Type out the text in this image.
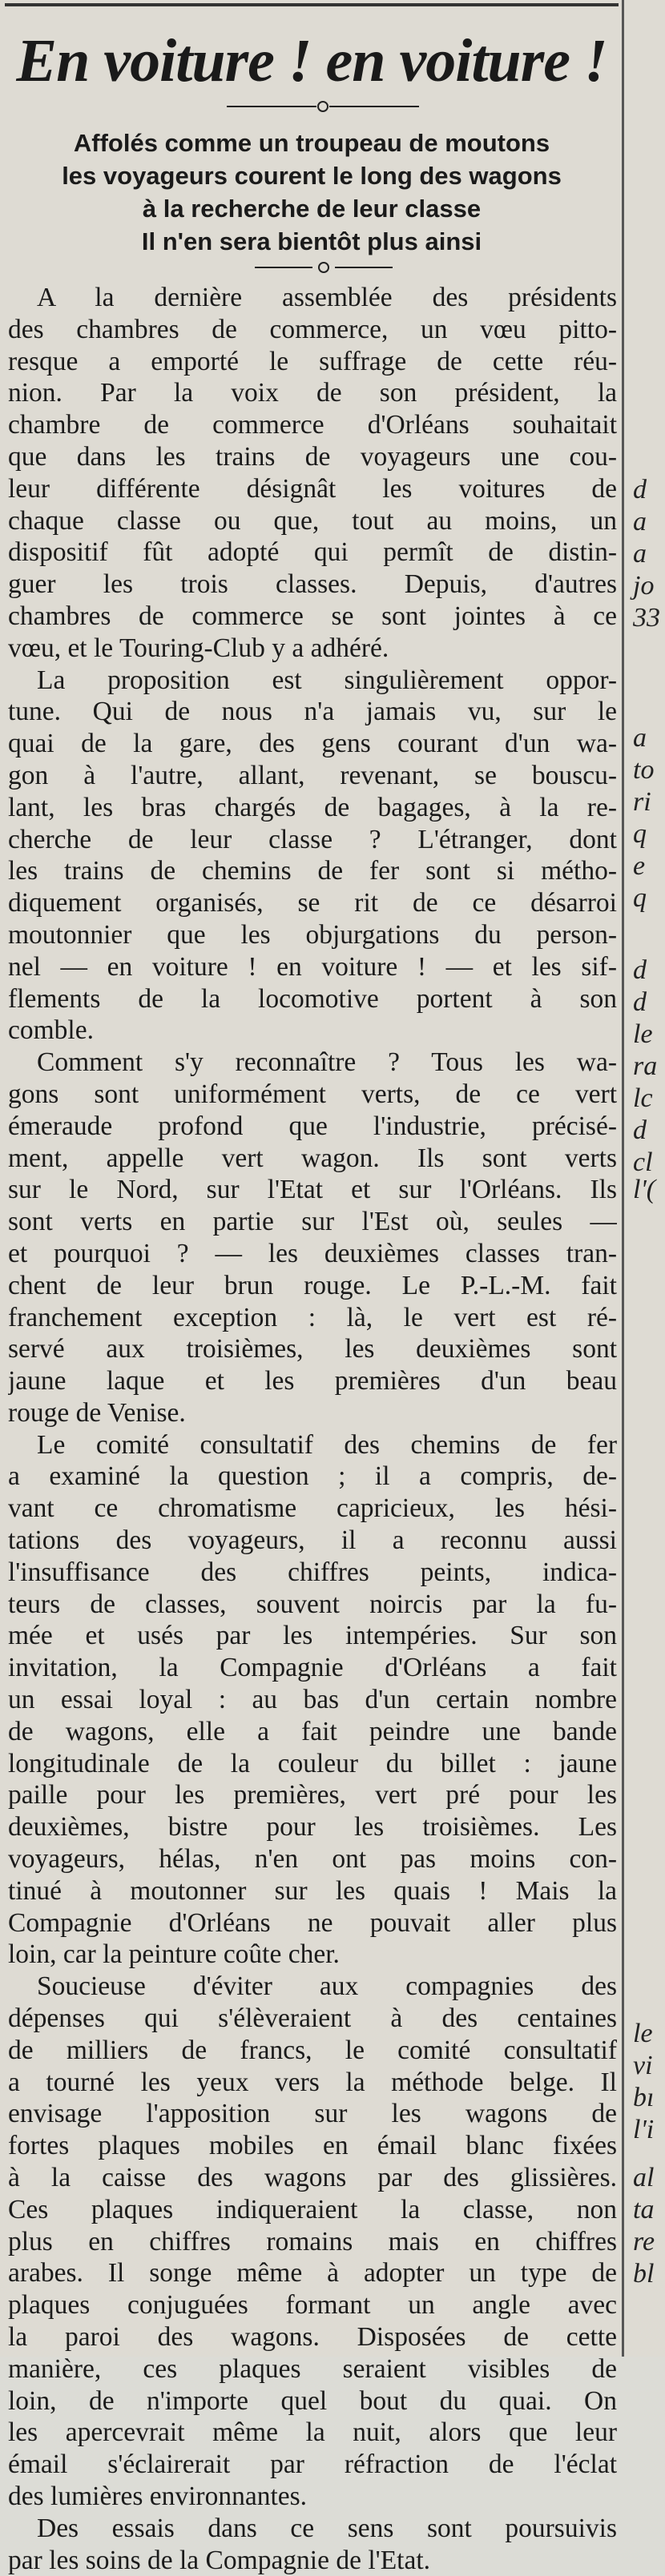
En voiture ! en voiture !
Affolés comme un troupeau de moutons
les voyageurs courent le long des wagons
à la recherche de leur classe
Il n'en sera bientôt plus ainsi
A la dernière assemblée des présidents
des chambres de commerce, un vœu pitto-
resque a emporté le suffrage de cette réu-
nion. Par la voix de son président, la
chambre de commerce d'Orléans souhaitait
que dans les trains de voyageurs une cou-
leur différente désignât les voitures de
chaque classe ou que, tout au moins, un
dispositif fût adopté qui permît de distin-
guer les trois classes. Depuis, d'autres
chambres de commerce se sont jointes à ce
vœu, et le Touring-Club y a adhéré.
La proposition est singulièrement oppor-
tune. Qui de nous n'a jamais vu, sur le
quai de la gare, des gens courant d'un wa-
gon à l'autre, allant, revenant, se bouscu-
lant, les bras chargés de bagages, à la re-
cherche de leur classe ? L'étranger, dont
les trains de chemins de fer sont si métho-
diquement organisés, se rit de ce désarroi
moutonnier que les objurgations du person-
nel — en voiture ! en voiture ! — et les sif-
flements de la locomotive portent à son
comble.
Comment s'y reconnaître ? Tous les wa-
gons sont uniformément verts, de ce vert
émeraude profond que l'industrie, précisé-
ment, appelle vert wagon. Ils sont verts
sur le Nord, sur l'Etat et sur l'Orléans. Ils
sont verts en partie sur l'Est où, seules —
et pourquoi ? — les deuxièmes classes tran-
chent de leur brun rouge. Le P.-L.-M. fait
franchement exception : là, le vert est ré-
servé aux troisièmes, les deuxièmes sont
jaune laque et les premières d'un beau
rouge de Venise.
Le comité consultatif des chemins de fer
a examiné la question ; il a compris, de-
vant ce chromatisme capricieux, les hési-
tations des voyageurs, il a reconnu aussi
l'insuffisance des chiffres peints, indica-
teurs de classes, souvent noircis par la fu-
mée et usés par les intempéries. Sur son
invitation, la Compagnie d'Orléans a fait
un essai loyal : au bas d'un certain nombre
de wagons, elle a fait peindre une bande
longitudinale de la couleur du billet : jaune
paille pour les premières, vert pré pour les
deuxièmes, bistre pour les troisièmes. Les
voyageurs, hélas, n'en ont pas moins con-
tinué à moutonner sur les quais ! Mais la
Compagnie d'Orléans ne pouvait aller plus
loin, car la peinture coûte cher.
Soucieuse d'éviter aux compagnies des
dépenses qui s'élèveraient à des centaines
de milliers de francs, le comité consultatif
a tourné les yeux vers la méthode belge. Il
envisage l'apposition sur les wagons de
fortes plaques mobiles en émail blanc fixées
à la caisse des wagons par des glissières.
Ces plaques indiqueraient la classe, non
plus en chiffres romains mais en chiffres
arabes. Il songe même à adopter un type de
plaques conjuguées formant un angle avec
la paroi des wagons. Disposées de cette
manière, ces plaques seraient visibles de
loin, de n'importe quel bout du quai. On
les apercevrait même la nuit, alors que leur
émail s'éclairerait par réfraction de l'éclat
des lumières environnantes.
Des essais dans ce sens sont poursuivis
par les soins de la Compagnie de l'Etat.
d
a
a
jo
33
a
to
ri
q
e
q
d
d
le
ra
lc
d
cl
l'(
le
vi
bı
l'i
al
ta
re
bl
